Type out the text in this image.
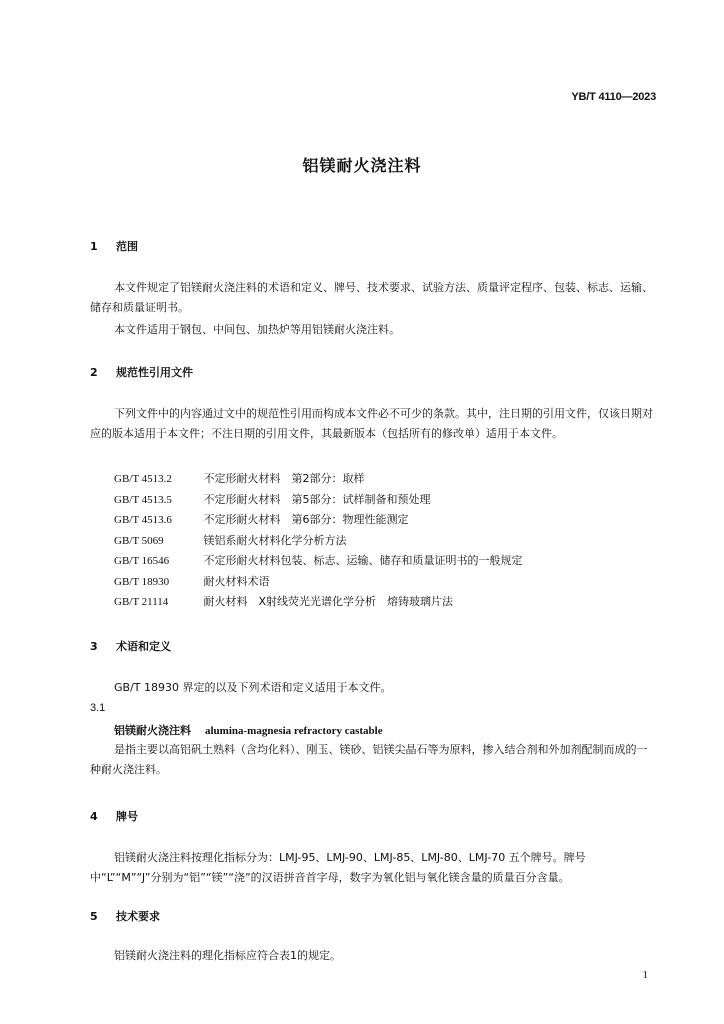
YB/T 4110—2023
铝镁耐火浇注料
1 范围
本文件规定了铝镁耐火浇注料的术语和定义、牌号、技术要求、试验方法、质量评定程序、包装、标志、运输、储存和质量证明书。
本文件适用于钢包、中间包、加热炉等用铝镁耐火浇注料。
2 规范性引用文件
下列文件中的内容通过文中的规范性引用而构成本文件必不可少的条款。其中，注日期的引用文件，仅该日期对应的版本适用于本文件；不注日期的引用文件，其最新版本（包括所有的修改单）适用于本文件。
GB/T 4513.2	不定形耐火材料　第2部分：取样
GB/T 4513.5	不定形耐火材料　第5部分：试样制备和预处理
GB/T 4513.6	不定形耐火材料　第6部分：物理性能测定
GB/T 5069	镁铝系耐火材料化学分析方法
GB/T 16546	不定形耐火材料包装、标志、运输、储存和质量证明书的一般规定
GB/T 18930	耐火材料术语
GB/T 21114	耐火材料　X射线荧光光谱化学分析　熔铸玻璃片法
3 术语和定义
GB/T 18930 界定的以及下列术语和定义适用于本文件。
3.1
铝镁耐火浇注料 alumina-magnesia refractory castable
是指主要以高铝矾土熟料（含均化料）、刚玉、镁砂、铝镁尖晶石等为原料，掺入结合剂和外加剂配制而成的一种耐火浇注料。
4 牌号
铝镁耐火浇注料按理化指标分为：LMJ-95、LMJ-90、LMJ-85、LMJ-80、LMJ-70 五个牌号。牌号中“L”“M”“J”分别为“铝”“镁”“浇”的汉语拼音首字母，数字为氧化铝与氧化镁含量的质量百分含量。
5 技术要求
铝镁耐火浇注料的理化指标应符合表1的规定。
1
